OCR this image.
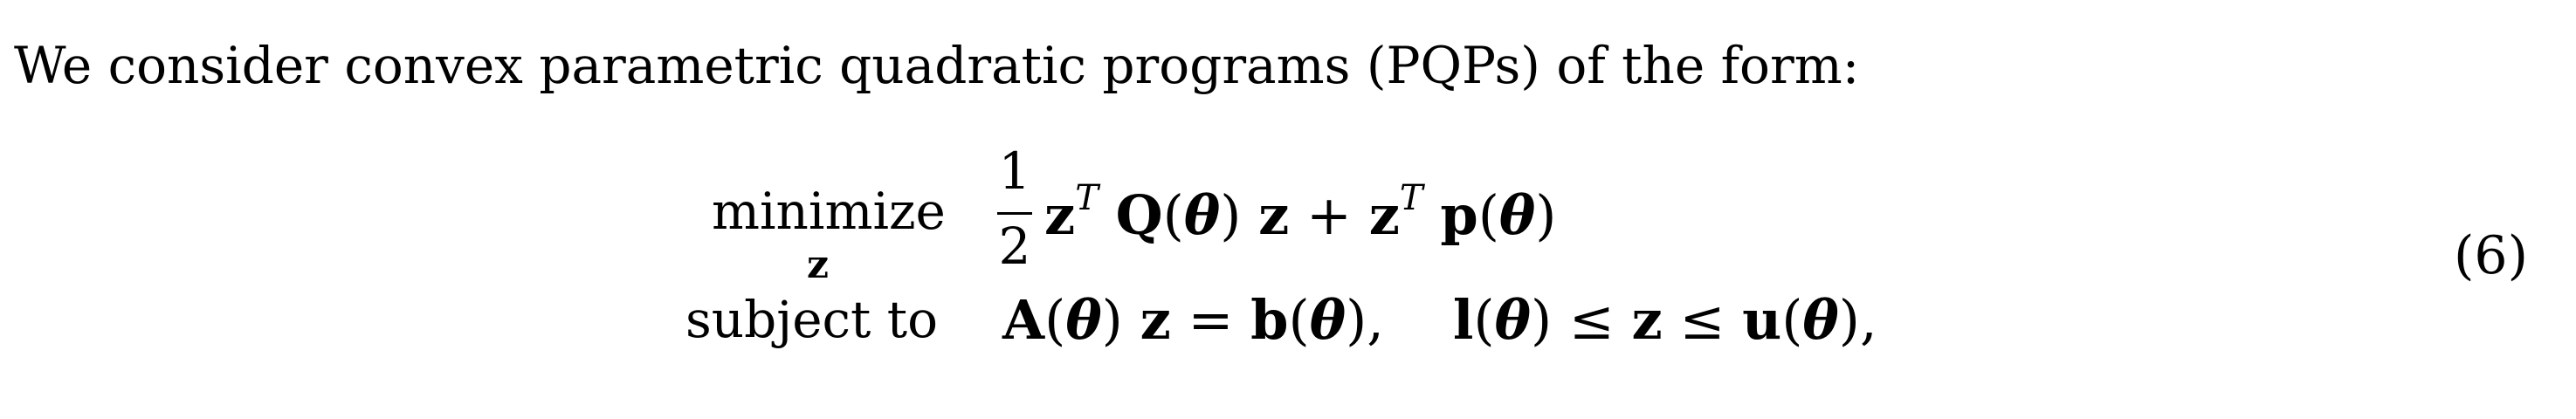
We consider convex parametric quadratic programs (PQPs) of the form:
minimize
z
1
2 $z^T$ Q(θ) $z + z^T$ p(θ)
subject to A(θ) z = b(θ),    l(θ) ≤ z ≤ u(θ),
(6)
